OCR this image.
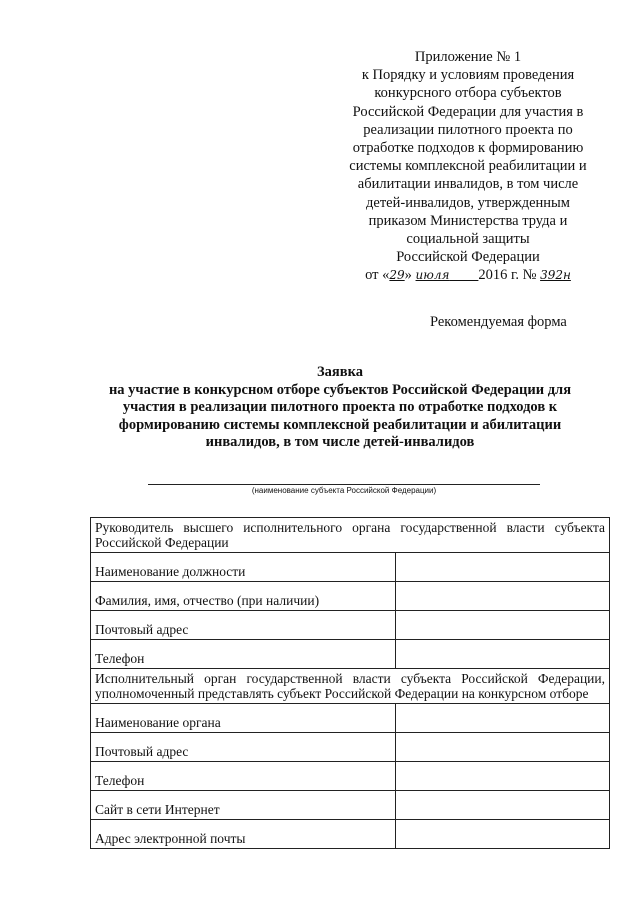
Приложение № 1
к Порядку и условиям проведения
конкурсного отбора субъектов
Российской Федерации для участия в
реализации пилотного проекта по
отработке подходов к формированию
системы комплексной реабилитации и
абилитации инвалидов, в том числе
детей-инвалидов, утвержденным
приказом Министерства труда и
социальной защиты
Российской Федерации
от «29» июля 2016 г. № 392н
Рекомендуемая форма
Заявка
на участие в конкурсном отборе субъектов Российской Федерации для
участия в реализации пилотного проекта по отработке подходов к
формированию системы комплексной реабилитации и абилитации
инвалидов, в том числе детей-инвалидов
(наименование субъекта Российской Федерации)
Руководитель высшего исполнительного органа государственной власти субъекта Российской Федерации	
Наименование должности	
Фамилия, имя, отчество (при наличии)	
Почтовый адрес	
Телефон	
Исполнительный орган государственной власти субъекта Российской Федерации, уполномоченный представлять субъект Российской Федерации на конкурсном отборе	
Наименование органа	
Почтовый адрес	
Телефон	
Сайт в сети Интернет	
Адрес электронной почты	
